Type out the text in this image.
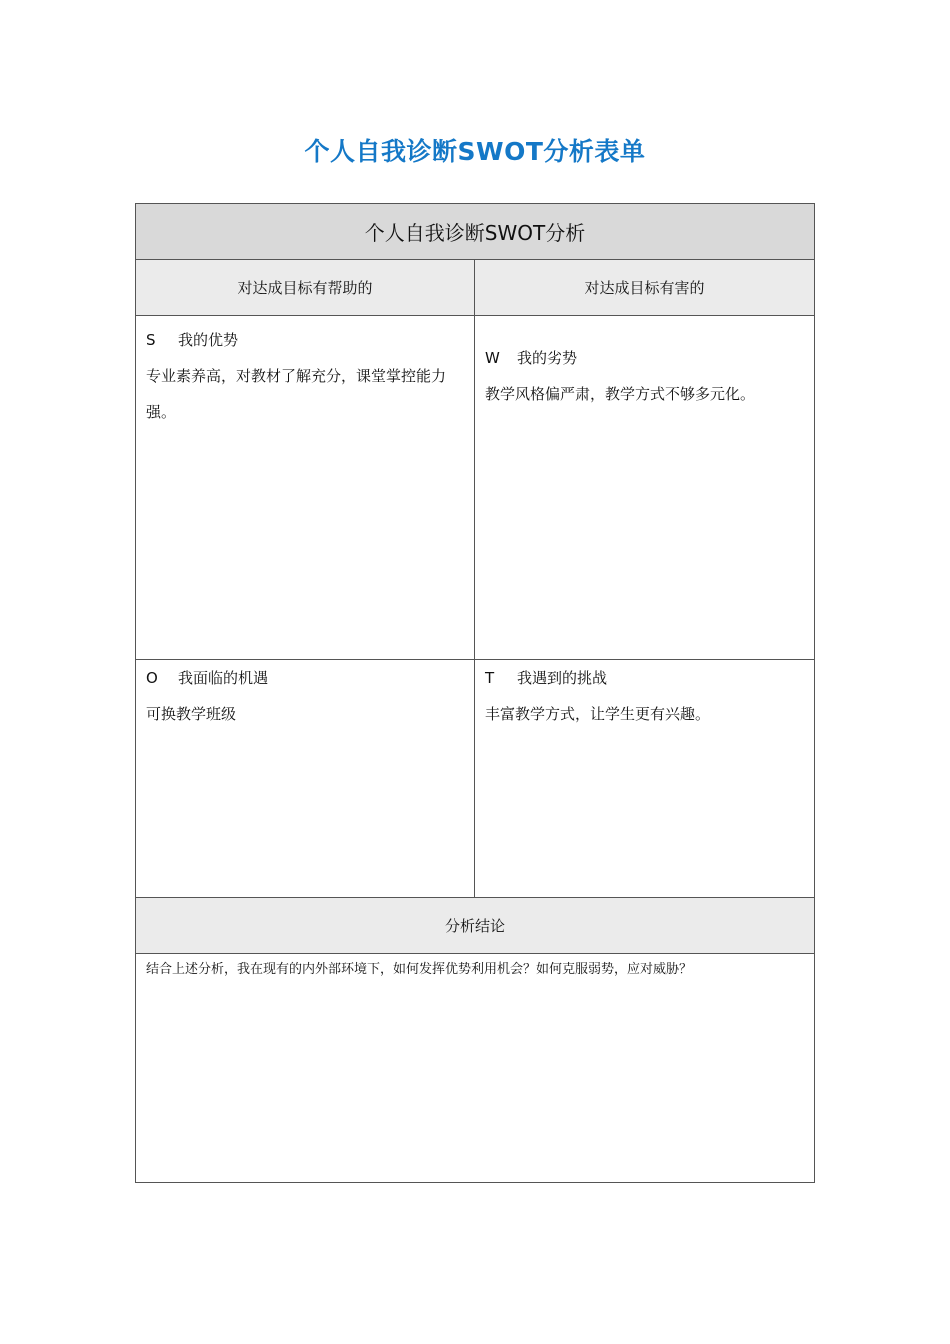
个人自我诊断SWOT分析表单
个人自我诊断SWOT分析
对达成目标有帮助的	对达成目标有害的
S 我的优势
专业素养高，对教材了解充分，课堂掌控能力强。
W 我的劣势
教学风格偏严肃，教学方式不够多元化。
O 我面临的机遇
可换教学班级
T 我遇到的挑战
丰富教学方式，让学生更有兴趣。
分析结论
结合上述分析，我在现有的内外部环境下，如何发挥优势利用机会？如何克服弱势，应对威胁？
